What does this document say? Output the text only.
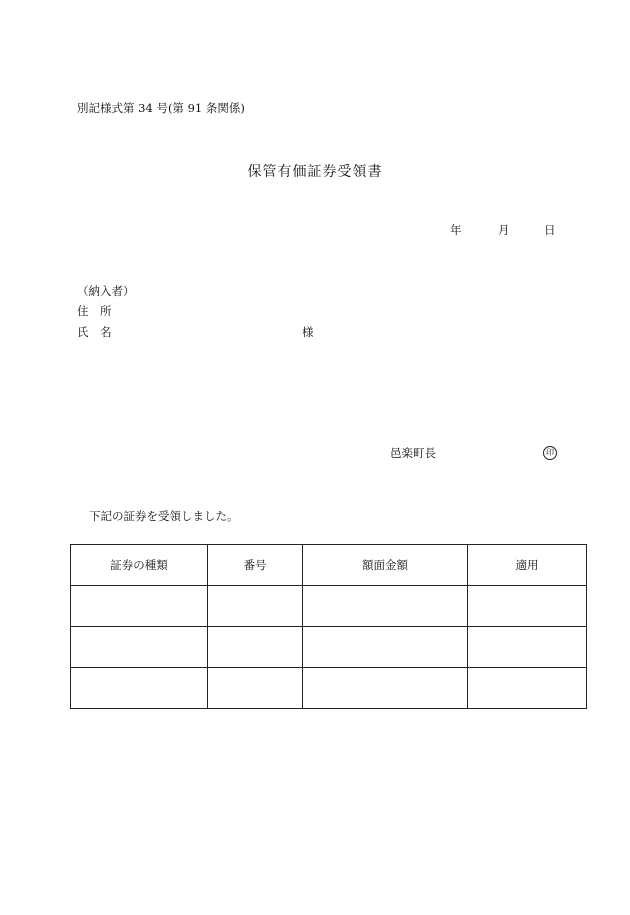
別記様式第 34 号(第 91 条関係)
保管有価証券受領書
年	月	日
（納入者）
住　所
氏　名	様
邑楽町長	印
下記の証券を受領しました。
証券の種類	番号	額面金額	適用
